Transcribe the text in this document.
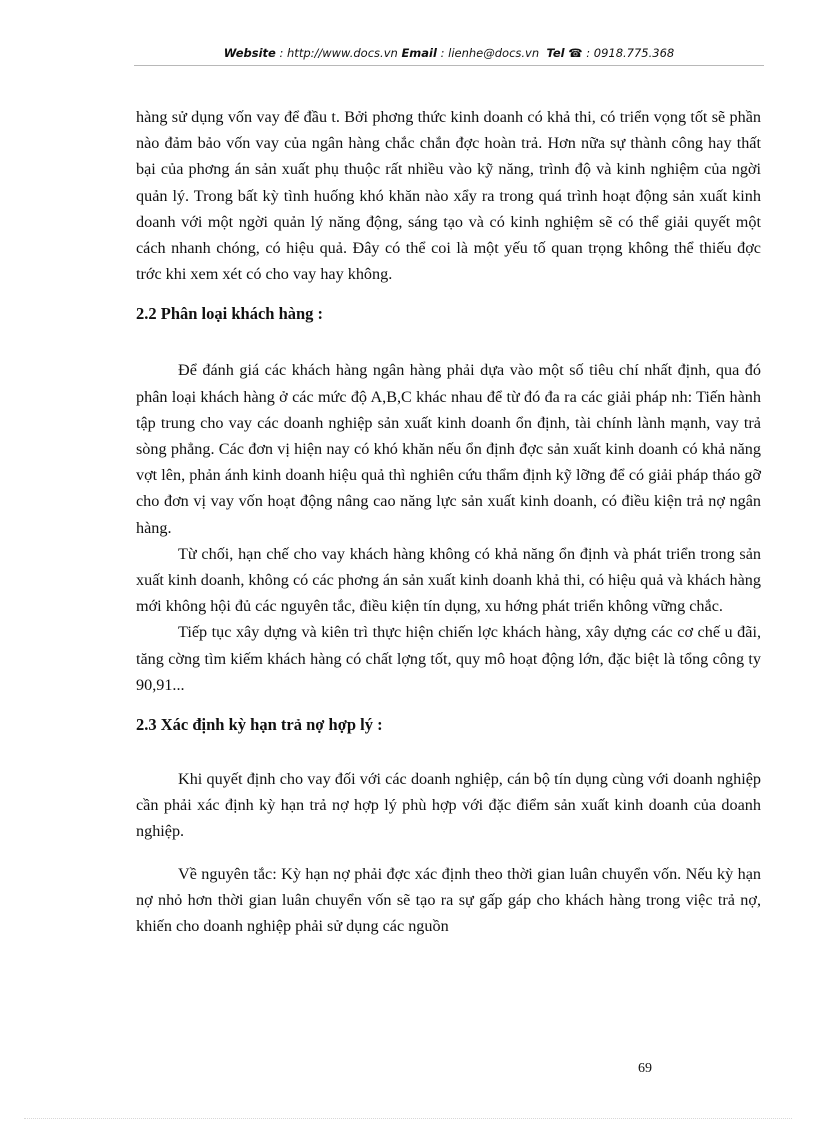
Website : http://www.docs.vn Email : lienhe@docs.vn Tel ☎ : 0918.775.368

hàng sử dụng vốn vay để đầu t. Bởi phơng thức kinh doanh có khả thi, có triển vọng tốt sẽ phần nào đảm bảo vốn vay của ngân hàng chắc chắn đợc hoàn trả. Hơn nữa sự thành công hay thất bại của phơng án sản xuất phụ thuộc rất nhiều vào kỹ năng, trình độ và kinh nghiệm của ngời quản lý. Trong bất kỳ tình huống khó khăn nào xẩy ra trong quá trình hoạt động sản xuất kinh doanh với một ngời quản lý năng động, sáng tạo và có kinh nghiệm sẽ có thể giải quyết một cách nhanh chóng, có hiệu quả. Đây có thể coi là một yếu tố quan trọng không thể thiếu đợc trớc khi xem xét có cho vay hay không.

2.2 Phân loại khách hàng :

Để đánh giá các khách hàng ngân hàng phải dựa vào một số tiêu chí nhất định, qua đó phân loại khách hàng ở các mức độ A,B,C khác nhau để từ đó đa ra các giải pháp nh: Tiến hành tập trung cho vay các doanh nghiệp sản xuất kinh doanh ổn định, tài chính lành mạnh, vay trả sòng phẳng. Các đơn vị hiện nay có khó khăn nếu ổn định đợc sản xuất kinh doanh có khả năng vợt lên, phản ánh kinh doanh hiệu quả thì nghiên cứu thẩm định kỹ lỡng để có giải pháp tháo gỡ cho đơn vị vay vốn hoạt động nâng cao năng lực sản xuất kinh doanh, có điều kiện trả nợ ngân hàng.

Từ chối, hạn chế cho vay khách hàng không có khả năng ổn định và phát triển trong sản xuất kinh doanh, không có các phơng án sản xuất kinh doanh khả thi, có hiệu quả và khách hàng mới không hội đủ các nguyên tắc, điều kiện tín dụng, xu hớng phát triển không vững chắc.

Tiếp tục xây dựng và kiên trì thực hiện chiến lợc khách hàng, xây dựng các cơ chế u đãi, tăng cờng tìm kiếm khách hàng có chất lợng tốt, quy mô hoạt động lớn, đặc biệt là tổng công ty 90,91...

2.3 Xác định kỳ hạn trả nợ hợp lý :

Khi quyết định cho vay đối với các doanh nghiệp, cán bộ tín dụng cùng với doanh nghiệp cần phải xác định kỳ hạn trả nợ hợp lý phù hợp với đặc điểm sản xuất kinh doanh của doanh nghiệp.

Về nguyên tắc: Kỳ hạn nợ phải đợc xác định theo thời gian luân chuyển vốn. Nếu kỳ hạn nợ nhỏ hơn thời gian luân chuyển vốn sẽ tạo ra sự gấp gáp cho khách hàng trong việc trả nợ, khiến cho doanh nghiệp phải sử dụng các nguồn

69
